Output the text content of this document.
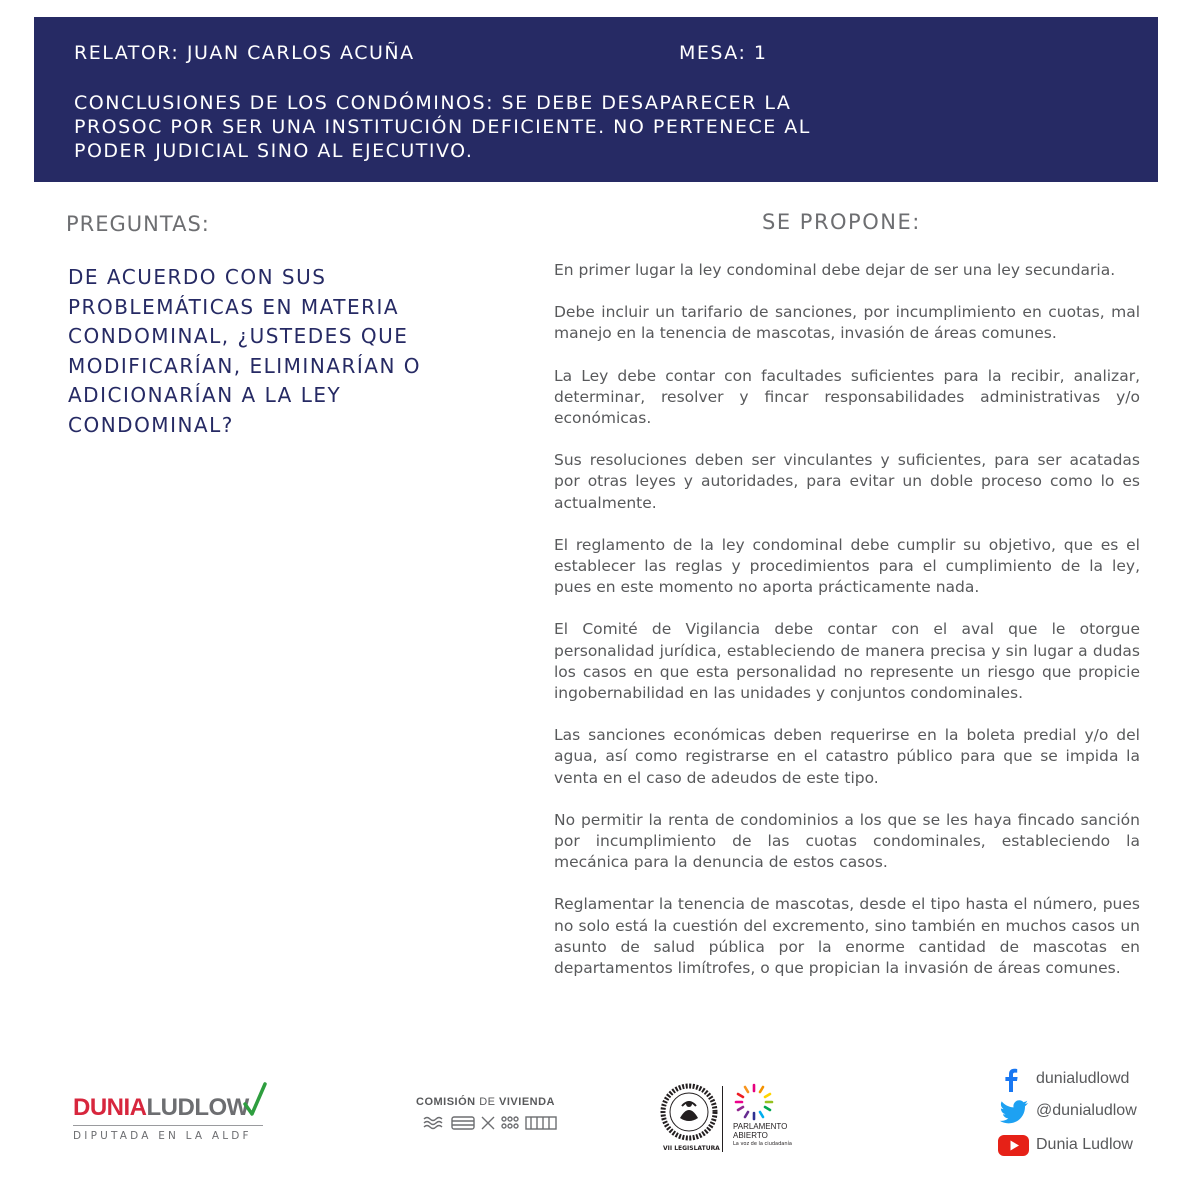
RELATOR: JUAN CARLOS ACUÑA	MESA: 1
CONCLUSIONES DE LOS CONDÓMINOS: SE DEBE DESAPARECER LA PROSOC POR SER UNA INSTITUCIÓN DEFICIENTE. NO PERTENECE AL PODER JUDICIAL SINO AL EJECUTIVO.
PREGUNTAS:	SE PROPONE:
DE ACUERDO CON SUS PROBLEMÁTICAS EN MATERIA CONDOMINAL, ¿USTEDES QUE MODIFICARÍAN, ELIMINARÍAN O ADICIONARÍAN A LA LEY CONDOMINAL?
En primer lugar la ley condominal debe dejar de ser una ley secundaria.
Debe incluir un tarifario de sanciones, por incumplimiento en cuotas, mal manejo en la tenencia de mascotas, invasión de áreas comunes.
La Ley debe contar con facultades suficientes para la recibir, analizar, determinar, resolver y fincar responsabilidades administrativas y/o económicas.
Sus resoluciones deben ser vinculantes y suficientes, para ser acatadas por otras leyes y autoridades, para evitar un doble proceso como lo es actualmente.
El reglamento de la ley condominal debe cumplir su objetivo, que es el establecer las reglas y procedimientos para el cumplimiento de la ley, pues en este momento no aporta prácticamente nada.
El Comité de Vigilancia debe contar con el aval que le otorgue personalidad jurídica, estableciendo de manera precisa y sin lugar a dudas los casos en que esta personalidad no represente un riesgo que propicie ingobernabilidad en las unidades y conjuntos condominales.
Las sanciones económicas deben requerirse en la boleta predial y/o del agua, así como registrarse en el catastro público para que se impida la venta en el caso de adeudos de este tipo.
No permitir la renta de condominios a los que se les haya fincado sanción por incumplimiento de las cuotas condominales, estableciendo la mecánica para la denuncia de estos casos.
Reglamentar la tenencia de mascotas, desde el tipo hasta el número, pues no solo está la cuestión del excremento, sino también en muchos casos un asunto de salud pública por la enorme cantidad de mascotas en departamentos limítrofes, o que propician la invasión de áreas comunes.
DUNIALUDLOW
DIPUTADA EN LA ALDF
COMISIÓN DE VIVIENDA
VII LEGISLATURA
PARLAMENTO
ABIERTO
La voz de la ciudadanía
dunialudlowd
@dunialudlow
Dunia Ludlow
